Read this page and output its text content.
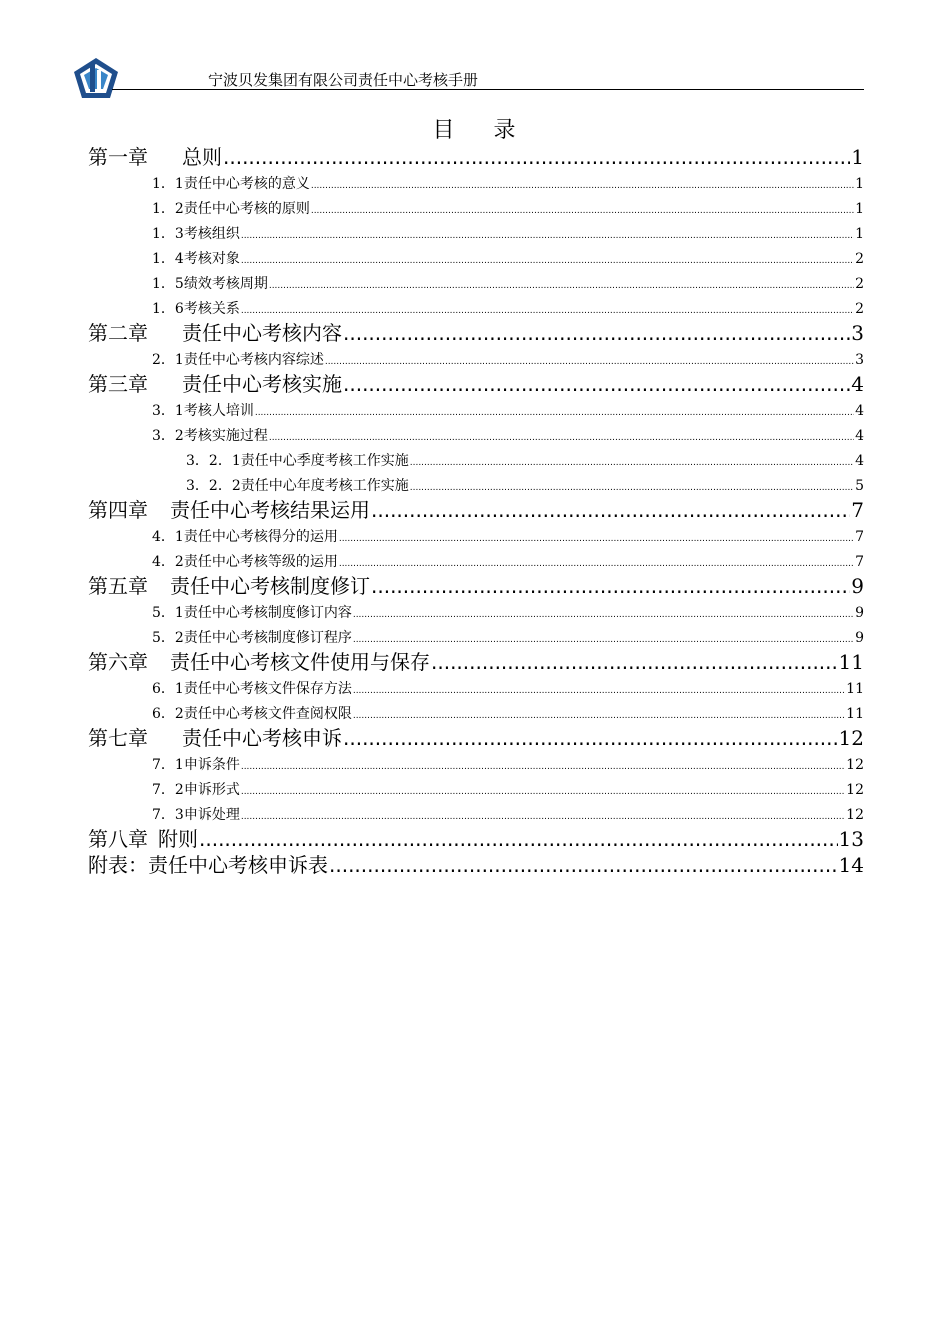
宁波贝发集团有限公司责任中心考核手册
目 录
第一章 总则 .....	1
1．1责任中心考核的意义 .....	1
1．2责任中心考核的原则 .....	1
1．3考核组织 .....	1
1．4考核对象 .....	2
1．5绩效考核周期 .....	2
1．6考核关系 .....	2
第二章 责任中心考核内容 .....	3
2．1责任中心考核内容综述 .....	3
第三章 责任中心考核实施 .....	4
3．1考核人培训 .....	4
3．2考核实施过程 .....	4
3．2．1责任中心季度考核工作实施 .....	4
3．2．2责任中心年度考核工作实施 .....	5
第四章 责任中心考核结果运用 .....	7
4．1责任中心考核得分的运用 .....	7
4．2责任中心考核等级的运用 .....	7
第五章 责任中心考核制度修订 .....	9
5．1责任中心考核制度修订内容 .....	9
5．2责任中心考核制度修订程序 .....	9
第六章 责任中心考核文件使用与保存 .....	11
6．1责任中心考核文件保存方法 .....	11
6．2责任中心考核文件查阅权限 .....	11
第七章 责任中心考核申诉 .....	12
7．1申诉条件 .....	12
7．2申诉形式 .....	12
7．3申诉处理 .....	12
第八章 附则 .....	13
附表：责任中心考核申诉表 .....	14
